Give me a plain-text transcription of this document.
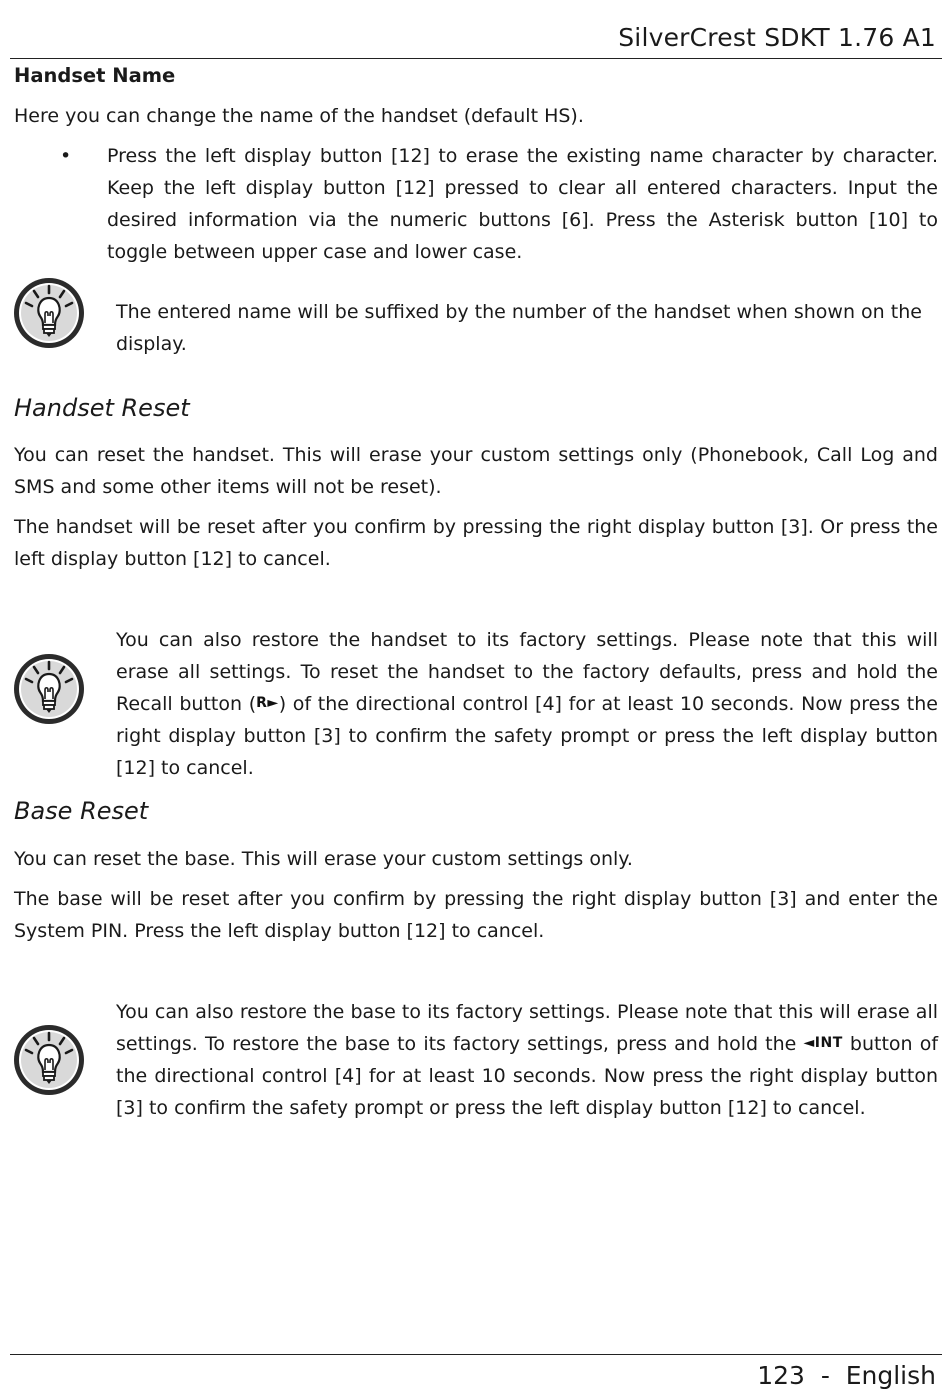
SilverCrest SDKT 1.76 A1
Handset Name
Here you can change the name of the handset (default HS).
• Press the left display button [12] to erase the existing name character by character. Keep the left display button [12] pressed to clear all entered characters. Input the desired information via the numeric buttons [6]. Press the Asterisk button [10] to toggle between upper case and lower case.
The entered name will be suffixed by the number of the handset when shown on the display.
Handset Reset
You can reset the handset. This will erase your custom settings only (Phonebook, Call Log and SMS and some other items will not be reset).
The handset will be reset after you confirm by pressing the right display button [3]. Or press the left display button [12] to cancel.
You can also restore the handset to its factory settings. Please note that this will erase all settings. To reset the handset to the factory defaults, press and hold the Recall button (R►) of the directional control [4] for at least 10 seconds. Now press the right display button [3] to confirm the safety prompt or press the left display button [12] to cancel.
Base Reset
You can reset the base. This will erase your custom settings only.
The base will be reset after you confirm by pressing the right display button [3] and enter the System PIN. Press the left display button [12] to cancel.
You can also restore the base to its factory settings. Please note that this will erase all settings. To restore the base to its factory settings, press and hold the ◄INT button of the directional control [4] for at least 10 seconds. Now press the right display button [3] to confirm the safety prompt or press the left display button [12] to cancel.
123  -  English
